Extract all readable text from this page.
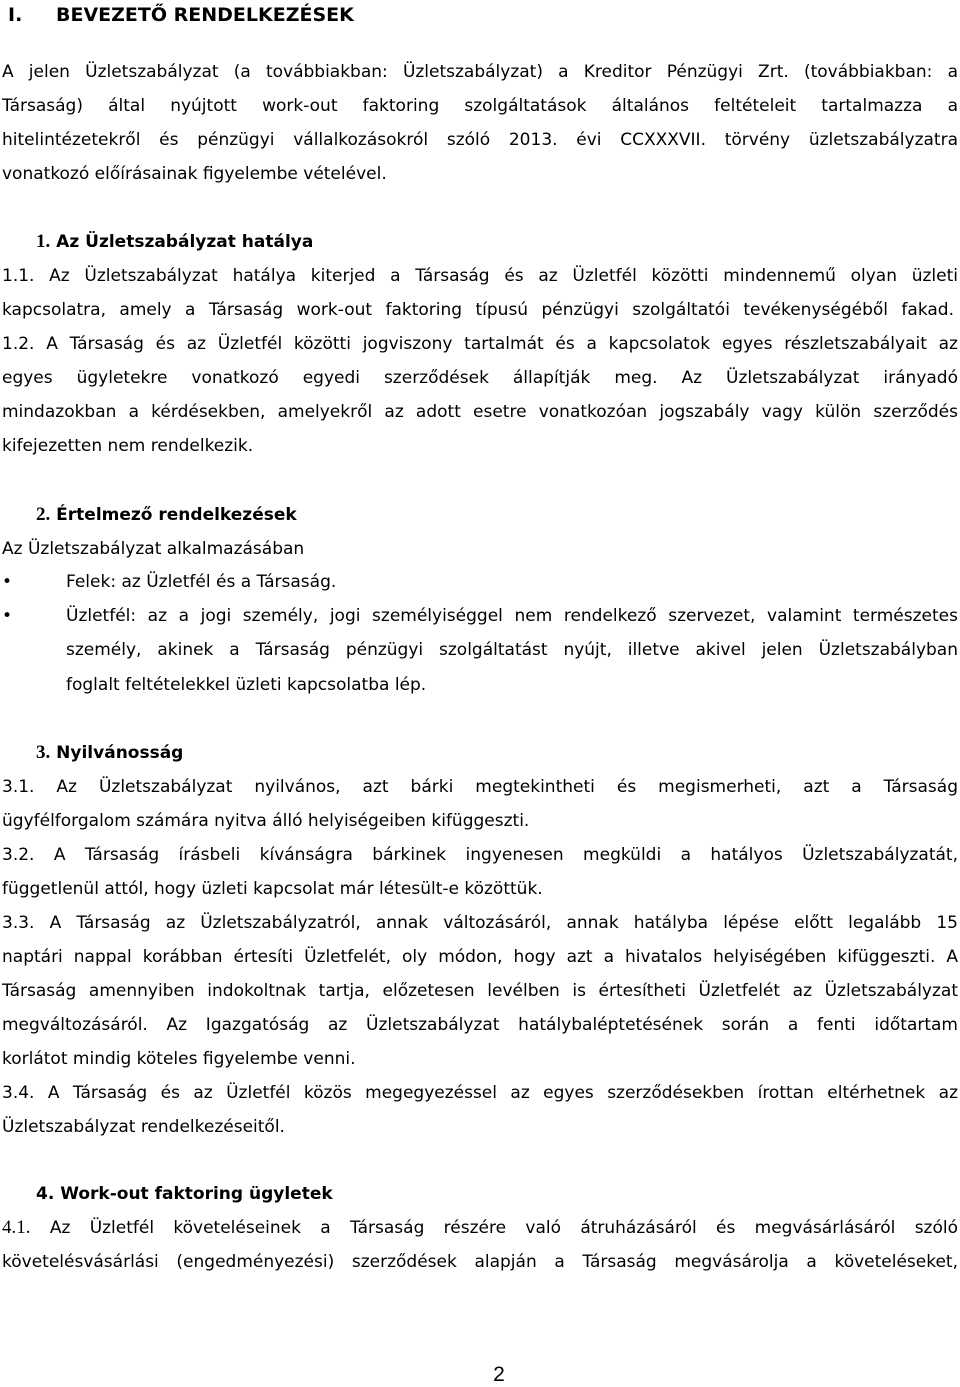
I. BEVEZETŐ RENDELKEZÉSEK
A jelen Üzletszabályzat (a továbbiakban: Üzletszabályzat) a Kreditor Pénzügyi Zrt. (továbbiakban: a
Társaság) által nyújtott work-out faktoring szolgáltatások általános feltételeit tartalmazza a
hitelintézetekről és pénzügyi vállalkozásokról szóló 2013. évi CCXXXVII. törvény üzletszabályzatra
vonatkozó előírásainak figyelembe vételével.
1. Az Üzletszabályzat hatálya
1.1. Az Üzletszabályzat hatálya kiterjed a Társaság és az Üzletfél közötti mindennemű olyan üzleti
kapcsolatra, amely a Társaság work-out faktoring típusú pénzügyi szolgáltatói tevékenységéből fakad.
1.2. A Társaság és az Üzletfél közötti jogviszony tartalmát és a kapcsolatok egyes részletszabályait az
egyes ügyletekre vonatkozó egyedi szerződések állapítják meg. Az Üzletszabályzat irányadó
mindazokban a kérdésekben, amelyekről az adott esetre vonatkozóan jogszabály vagy külön szerződés
kifejezetten nem rendelkezik.
2. Értelmező rendelkezések
Az Üzletszabályzat alkalmazásában
•	Felek: az Üzletfél és a Társaság.
•	Üzletfél: az a jogi személy, jogi személyiséggel nem rendelkező szervezet, valamint természetes
személy, akinek a Társaság pénzügyi szolgáltatást nyújt, illetve akivel jelen Üzletszabályban
foglalt feltételekkel üzleti kapcsolatba lép.
3. Nyilvánosság
3.1. Az Üzletszabályzat nyilvános, azt bárki megtekintheti és megismerheti, azt a Társaság
ügyfélforgalom számára nyitva álló helyiségeiben kifüggeszti.
3.2. A Társaság írásbeli kívánságra bárkinek ingyenesen megküldi a hatályos Üzletszabályzatát,
függetlenül attól, hogy üzleti kapcsolat már létesült-e közöttük.
3.3. A Társaság az Üzletszabályzatról, annak változásáról, annak hatályba lépése előtt legalább 15
naptári nappal korábban értesíti Üzletfelét, oly módon, hogy azt a hivatalos helyiségében kifüggeszti. A
Társaság amennyiben indokoltnak tartja, előzetesen levélben is értesítheti Üzletfelét az Üzletszabályzat
megváltozásáról. Az Igazgatóság az Üzletszabályzat hatálybaléptetésének során a fenti időtartam
korlátot mindig köteles figyelembe venni.
3.4. A Társaság és az Üzletfél közös megegyezéssel az egyes szerződésekben írottan eltérhetnek az
Üzletszabályzat rendelkezéseitől.
4. Work-out faktoring ügyletek
4.1. Az Üzletfél követeléseinek a Társaság részére való átruházásáról és megvásárlásáról szóló
követelésvásárlási (engedményezési) szerződések alapján a Társaság megvásárolja a követeléseket,
2
